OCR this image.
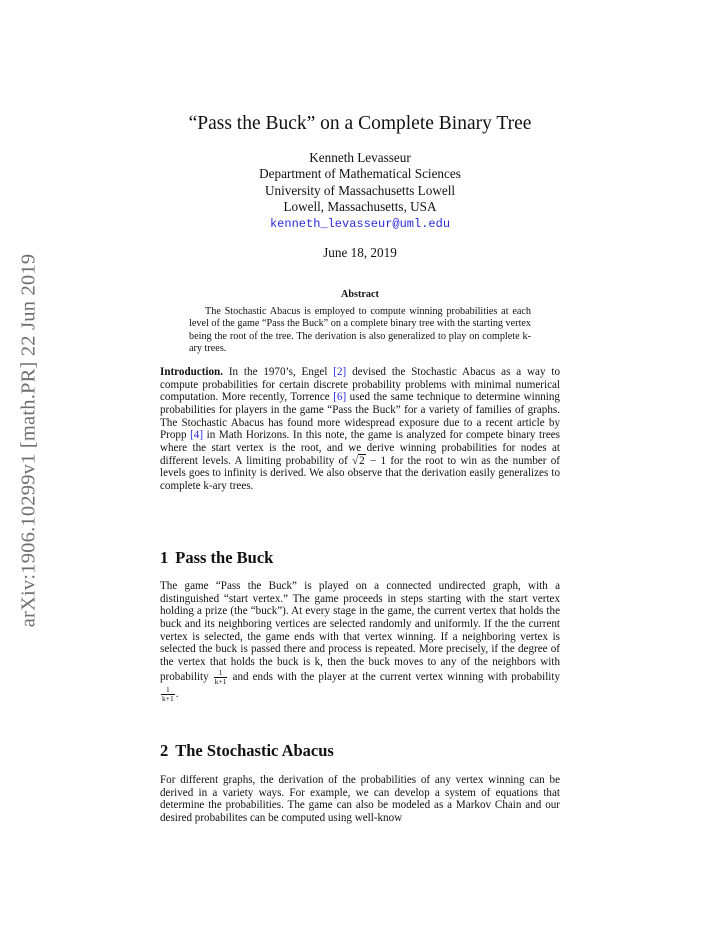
arXiv:1906.10299v1 [math.PR] 22 Jun 2019
“Pass the Buck” on a Complete Binary Tree
Kenneth Levasseur
Department of Mathematical Sciences
University of Massachusetts Lowell
Lowell, Massachusetts, USA
kenneth_levasseur@uml.edu
June 18, 2019
Abstract
The Stochastic Abacus is employed to compute winning probabilities at each level of the game “Pass the Buck” on a complete binary tree with the starting vertex being the root of the tree. The derivation is also generalized to play on complete k-ary trees.
Introduction. In the 1970’s, Engel [2] devised the Stochastic Abacus as a way to compute probabilities for certain discrete probability problems with minimal numerical computation. More recently, Torrence [6] used the same technique to determine winning probabilities for players in the game “Pass the Buck” for a variety of families of graphs. The Stochastic Abacus has found more widespread exposure due to a recent article by Propp [4] in Math Horizons. In this note, the game is analyzed for compete binary trees where the start vertex is the root, and we derive winning probabilities for nodes at different levels. A limiting probability of √2 − 1 for the root to win as the number of levels goes to infinity is derived. We also observe that the derivation easily generalizes to complete k-ary trees.
1 Pass the Buck
The game “Pass the Buck” is played on a connected undirected graph, with a distinguished “start vertex.” The game proceeds in steps starting with the start vertex holding a prize (the “buck”). At every stage in the game, the current vertex that holds the buck and its neighboring vertices are selected randomly and uniformly. If the the current vertex is selected, the game ends with that vertex winning. If a neighboring vertex is selected the buck is passed there and process is repeated. More precisely, if the degree of the vertex that holds the buck is k, then the buck moves to any of the neighbors with probability $\frac{1}{k+1}$ and ends with the player at the current vertex winning with probability
$\frac{1}{k+1}$ .
2 The Stochastic Abacus
For different graphs, the derivation of the probabilities of any vertex winning can be derived in a variety ways. For example, we can develop a system of equations that determine the probabilities. The game can also be modeled as a Markov Chain and our desired probabilites can be computed using well-know
